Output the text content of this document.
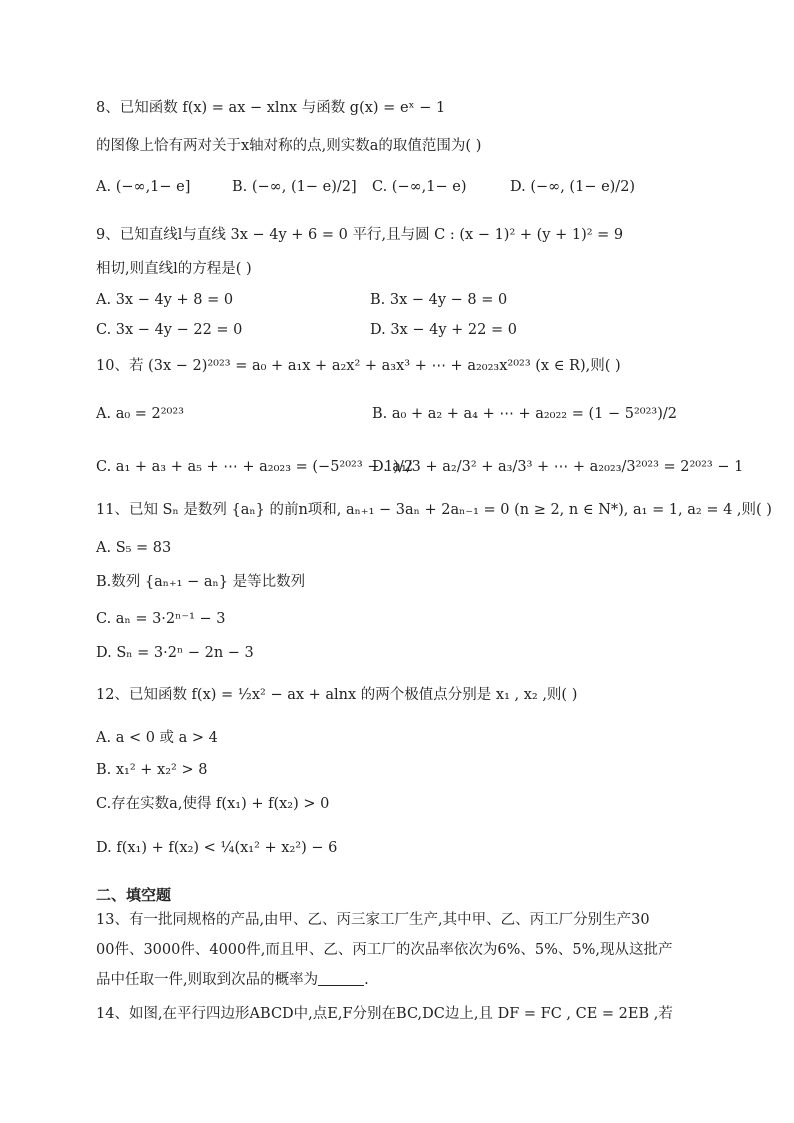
8、已知函数 f(x) = ax − xlnx 与函数 g(x) = eˣ − 1
的图像上恰有两对关于x轴对称的点,则实数a的取值范围为( )
A. (−∞,1− e]	B. (−∞, (1− e)/2] C. (−∞,1− e)	D. (−∞, (1− e)/2)
9、已知直线l与直线 3x − 4y + 6 = 0 平行,且与圆 C : (x − 1)² + (y + 1)² = 9
相切,则直线l的方程是( )
A. 3x − 4y + 8 = 0	B. 3x − 4y − 8 = 0
C. 3x − 4y − 22 = 0	D. 3x − 4y + 22 = 0
10、若 (3x − 2)²⁰²³ = a₀ + a₁x + a₂x² + a₃x³ + ⋯ + a₂₀₂₃x²⁰²³ (x ∈ R),则( )
A. a₀ = 2²⁰²³	B. a₀ + a₂ + a₄ + ⋯ + a₂₀₂₂ = (1 − 5²⁰²³)/2
C. a₁ + a₃ + a₅ + ⋯ + a₂₀₂₃ = (−5²⁰²³ − 1)/2
D. a₁/3 + a₂/3² + a₃/3³ + ⋯ + a₂₀₂₃/3²⁰²³ = 2²⁰²³ − 1
11、已知 Sₙ 是数列 {aₙ} 的前n项和, aₙ₊₁ − 3aₙ + 2aₙ₋₁ = 0 (n ≥ 2, n ∈ N*), a₁ = 1, a₂ = 4 ,则( )
A. S₅ = 83
B.数列 {aₙ₊₁ − aₙ} 是等比数列
C. aₙ = 3·2ⁿ⁻¹ − 3
D. Sₙ = 3·2ⁿ − 2n − 3
12、已知函数 f(x) = ½x² − ax + alnx 的两个极值点分别是 x₁ , x₂ ,则( )
A. a < 0 或 a > 4
B. x₁² + x₂² > 8
C.存在实数a,使得 f(x₁) + f(x₂) > 0
D. f(x₁) + f(x₂) < ¼(x₁² + x₂²) − 6
二、填空题
13、有一批同规格的产品,由甲、乙、丙三家工厂生产,其中甲、乙、丙工厂分别生产30
00件、3000件、4000件,而且甲、乙、丙工厂的次品率依次为6%、5%、5%,现从这批产
品中任取一件,则取到次品的概率为	.
14、如图,在平行四边形ABCD中,点E,F分别在BC,DC边上,且 DF = FC , CE = 2EB ,若
